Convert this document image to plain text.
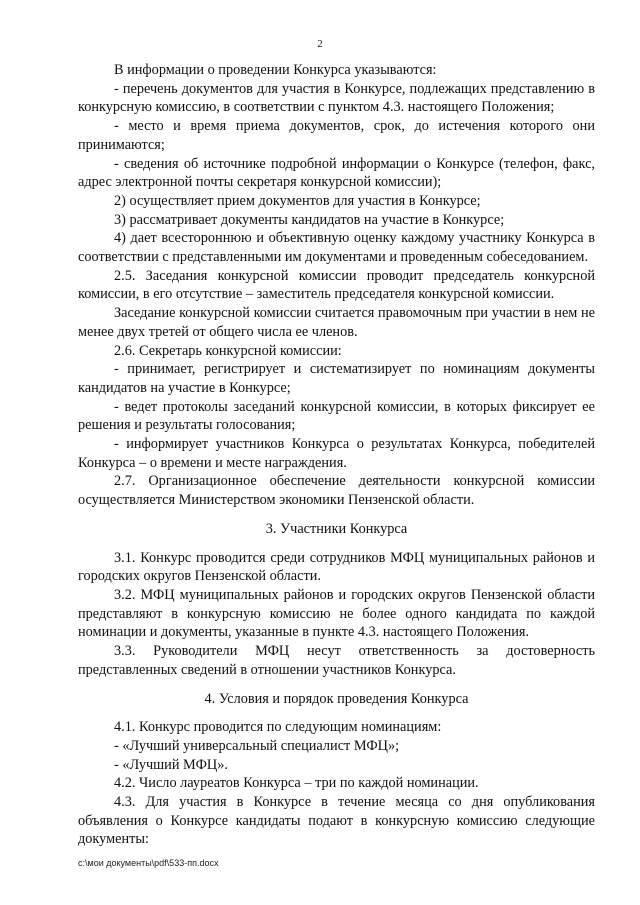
2

В информации о проведении Конкурса указываются:

- перечень документов для участия в Конкурсе, подлежащих представлению в конкурсную комиссию, в соответствии с пунктом 4.3. настоящего Положения;

- место и время приема документов, срок, до истечения которого они принимаются;

- сведения об источнике подробной информации о Конкурсе (телефон, факс, адрес электронной почты секретаря конкурсной комиссии);

2) осуществляет прием документов для участия в Конкурсе;

3) рассматривает документы кандидатов на участие в Конкурсе;

4) дает всестороннюю и объективную оценку каждому участнику Конкурса в соответствии с представленными им документами и проведенным собеседованием.

2.5. Заседания конкурсной комиссии проводит председатель конкурсной комиссии, в его отсутствие – заместитель председателя конкурсной комиссии.

Заседание конкурсной комиссии считается правомочным при участии в нем не менее двух третей от общего числа ее членов.

2.6. Секретарь конкурсной комиссии:

- принимает, регистрирует и систематизирует по номинациям документы кандидатов на участие в Конкурсе;

- ведет протоколы заседаний конкурсной комиссии, в которых фиксирует ее решения и результаты голосования;

- информирует участников Конкурса о результатах Конкурса, победителей Конкурса – о времени и месте награждения.

2.7. Организационное обеспечение деятельности конкурсной комиссии осуществляется Министерством экономики Пензенской области.

3. Участники Конкурса

3.1. Конкурс проводится среди сотрудников МФЦ муниципальных районов и городских округов Пензенской области.

3.2. МФЦ муниципальных районов и городских округов Пензенской области представляют в конкурсную комиссию не более одного кандидата по каждой номинации и документы, указанные в пункте 4.3. настоящего Положения.

3.3. Руководители МФЦ несут ответственность за достоверность представленных сведений в отношении участников Конкурса.

4. Условия и порядок проведения Конкурса

4.1. Конкурс проводится по следующим номинациям:

- «Лучший универсальный специалист МФЦ»;

- «Лучший МФЦ».

4.2. Число лауреатов Конкурса – три по каждой номинации.

4.3. Для участия в Конкурсе в течение месяца со дня опубликования объявления о Конкурсе кандидаты подают в конкурсную комиссию следующие документы:

c:\мои документы\pdf\533-пп.docx
